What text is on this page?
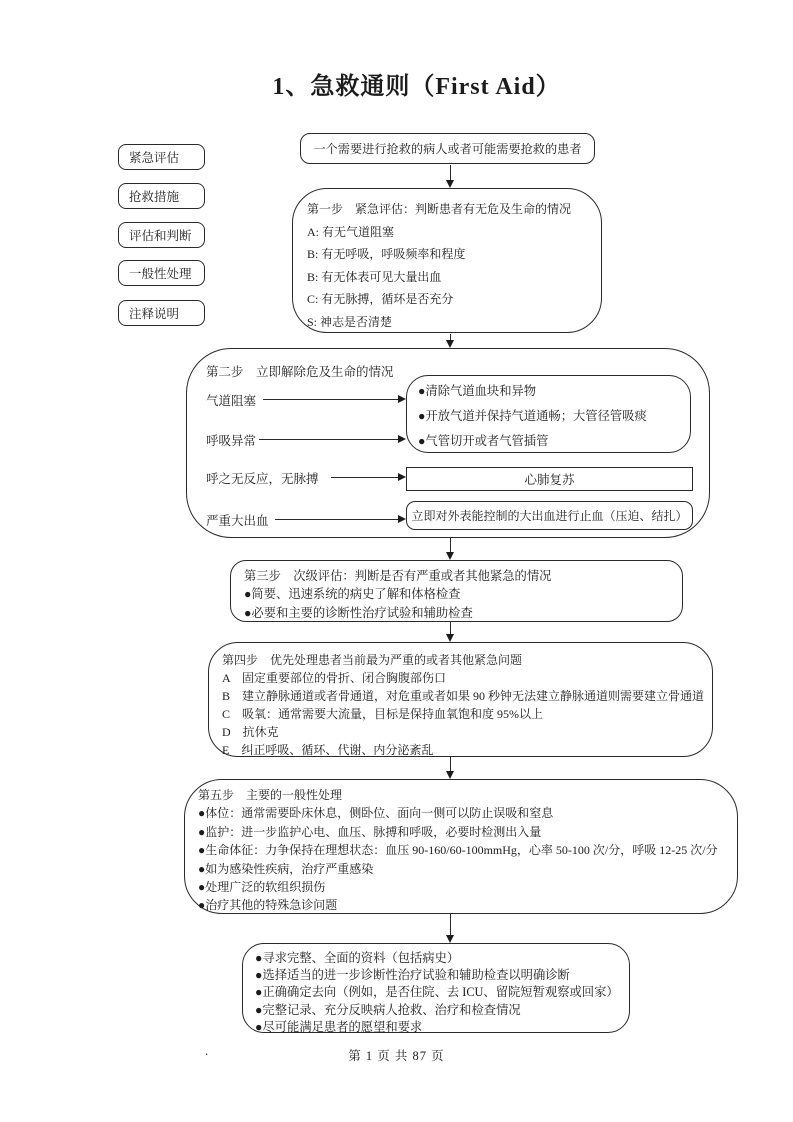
1、急救通则（First Aid）
紧急评估
抢救措施
评估和判断
一般性处理
注释说明
一个需要进行抢救的病人或者可能需要抢救的患者
第一步　紧急评估：判断患者有无危及生命的情况
A: 有无气道阻塞
B: 有无呼吸，呼吸频率和程度
B: 有无体表可见大量出血
C: 有无脉搏，循环是否充分
S: 神志是否清楚
第二步　立即解除危及生命的情况
气道阻塞
呼吸异常
呼之无反应，无脉搏
严重大出血
●清除气道血块和异物
●开放气道并保持气道通畅；大管径管吸痰
●气管切开或者气管插管
心肺复苏
立即对外表能控制的大出血进行止血（压迫、结扎）
第三步　次级评估：判断是否有严重或者其他紧急的情况
●简要、迅速系统的病史了解和体格检查
●必要和主要的诊断性治疗试验和辅助检查
第四步　优先处理患者当前最为严重的或者其他紧急问题
A　固定重要部位的骨折、闭合胸腹部伤口
B　建立静脉通道或者骨通道，对危重或者如果 90 秒钟无法建立静脉通道则需要建立骨通道
C　吸氧：通常需要大流量，目标是保持血氧饱和度 95%以上
D　抗休克
E　纠正呼吸、循环、代谢、内分泌紊乱
第五步　主要的一般性处理
●体位：通常需要卧床休息，侧卧位、面向一侧可以防止误吸和窒息
●监护：进一步监护心电、血压、脉搏和呼吸，必要时检测出入量
●生命体征：力争保持在理想状态：血压 90-160/60-100mmHg，心率 50-100 次/分，呼吸 12-25 次/分
●如为感染性疾病，治疗严重感染
●处理广泛的软组织损伤
●治疗其他的特殊急诊问题
●寻求完整、全面的资料（包括病史）
●选择适当的进一步诊断性治疗试验和辅助检查以明确诊断
●正确确定去向（例如，是否住院、去 ICU、留院短暂观察或回家）
●完整记录、充分反映病人抢救、治疗和检查情况
●尽可能满足患者的愿望和要求
.	第 1 页 共 87 页
